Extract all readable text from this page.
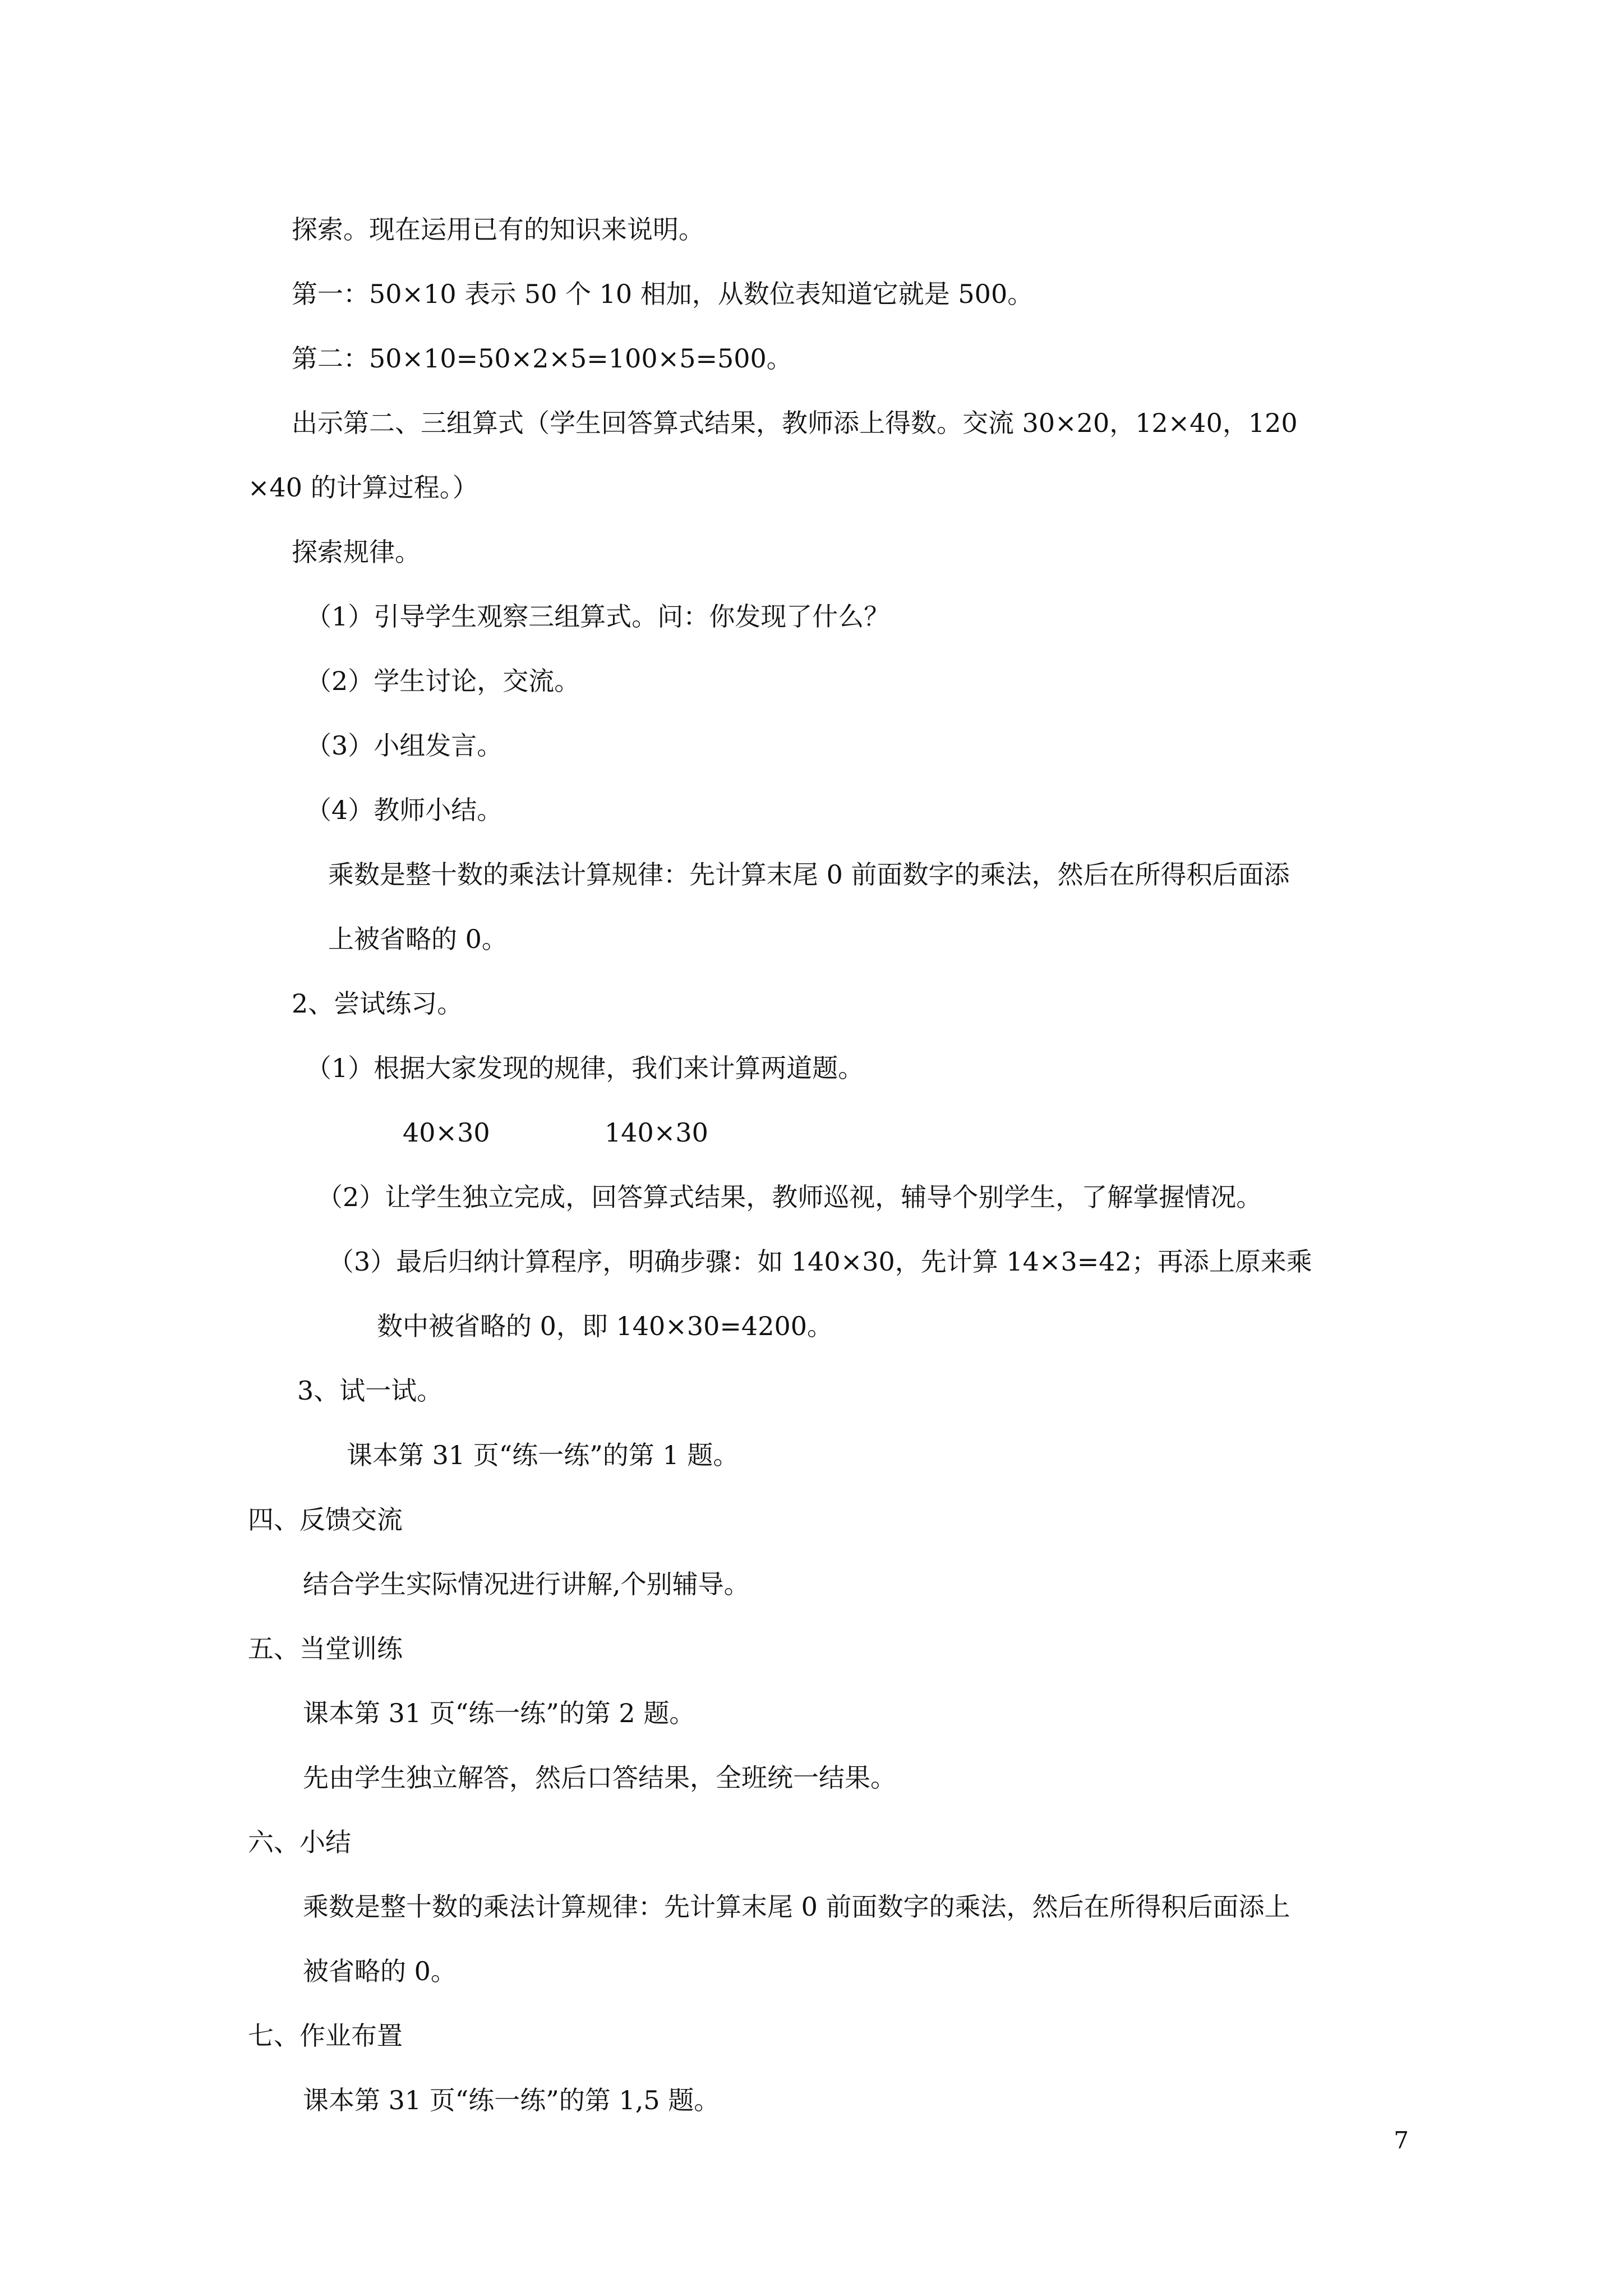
探索。现在运用已有的知识来说明。

第一：50×10 表示 50 个 10 相加，从数位表知道它就是 500。

第二：50×10=50×2×5=100×5=500。

出示第二、三组算式（学生回答算式结果，教师添上得数。交流 30×20，12×40，120

×40 的计算过程。）

探索规律。

（1）引导学生观察三组算式。问：你发现了什么？

（2）学生讨论，交流。

（3）小组发言。

（4）教师小结。

乘数是整十数的乘法计算规律：先计算末尾 0 前面数字的乘法，然后在所得积后面添

上被省略的 0。

2、尝试练习。

（1）根据大家发现的规律，我们来计算两道题。

40×30	140×30

（2）让学生独立完成，回答算式结果，教师巡视，辅导个别学生，了解掌握情况。

（3）最后归纳计算程序，明确步骤：如 140×30，先计算 14×3=42；再添上原来乘

数中被省略的 0，即 140×30=4200。

3、试一试。

课本第 31 页“练一练”的第 1 题。

四、反馈交流

结合学生实际情况进行讲解,个别辅导。

五、当堂训练

课本第 31 页“练一练”的第 2 题。

先由学生独立解答，然后口答结果，全班统一结果。

六、小结

乘数是整十数的乘法计算规律：先计算末尾 0 前面数字的乘法，然后在所得积后面添上

被省略的 0。

七、作业布置

课本第 31 页“练一练”的第 1,5 题。

7
